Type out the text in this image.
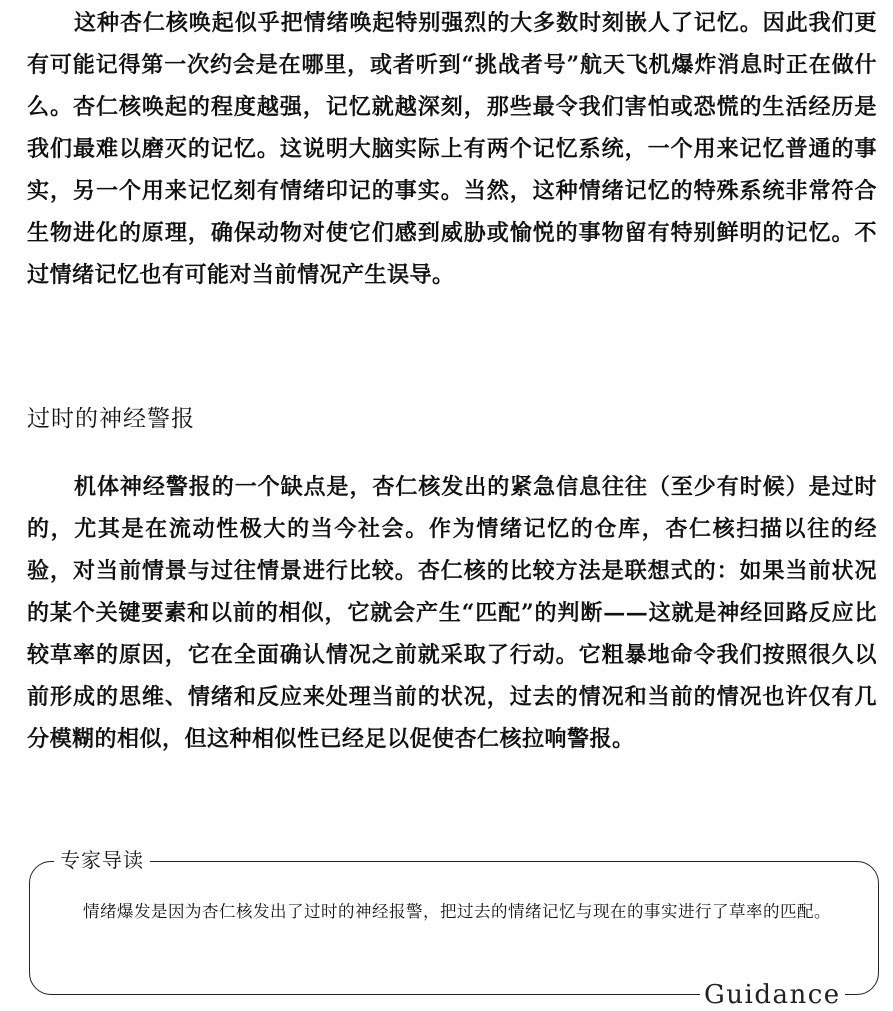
这种杏仁核唤起似乎把情绪唤起特别强烈的大多数时刻嵌人了记忆。因此我们更有可能记得第一次约会是在哪里，或者听到“挑战者号”航天飞机爆炸消息时正在做什么。杏仁核唤起的程度越强，记忆就越深刻，那些最令我们害怕或恐慌的生活经历是我们最难以磨灭的记忆。这说明大脑实际上有两个记忆系统，一个用来记忆普通的事实，另一个用来记忆刻有情绪印记的事实。当然，这种情绪记忆的特殊系统非常符合生物进化的原理，确保动物对使它们感到威胁或愉悦的事物留有特别鲜明的记忆。不过情绪记忆也有可能对当前情况产生误导。

过时的神经警报

机体神经警报的一个缺点是，杏仁核发出的紧急信息往往（至少有时候）是过时的，尤其是在流动性极大的当今社会。作为情绪记忆的仓库，杏仁核扫描以往的经验，对当前情景与过往情景进行比较。杏仁核的比较方法是联想式的：如果当前状况的某个关键要素和以前的相似，它就会产生“匹配”的判断——这就是神经回路反应比较草率的原因，它在全面确认情况之前就采取了行动。它粗暴地命令我们按照很久以前形成的思维、情绪和反应来处理当前的状况，过去的情况和当前的情况也许仅有几分模糊的相似，但这种相似性已经足以促使杏仁核拉响警报。

专家导读

情绪爆发是因为杏仁核发出了过时的神经报警，把过去的情绪记忆与现在的事实进行了草率的匹配。

Guidance
